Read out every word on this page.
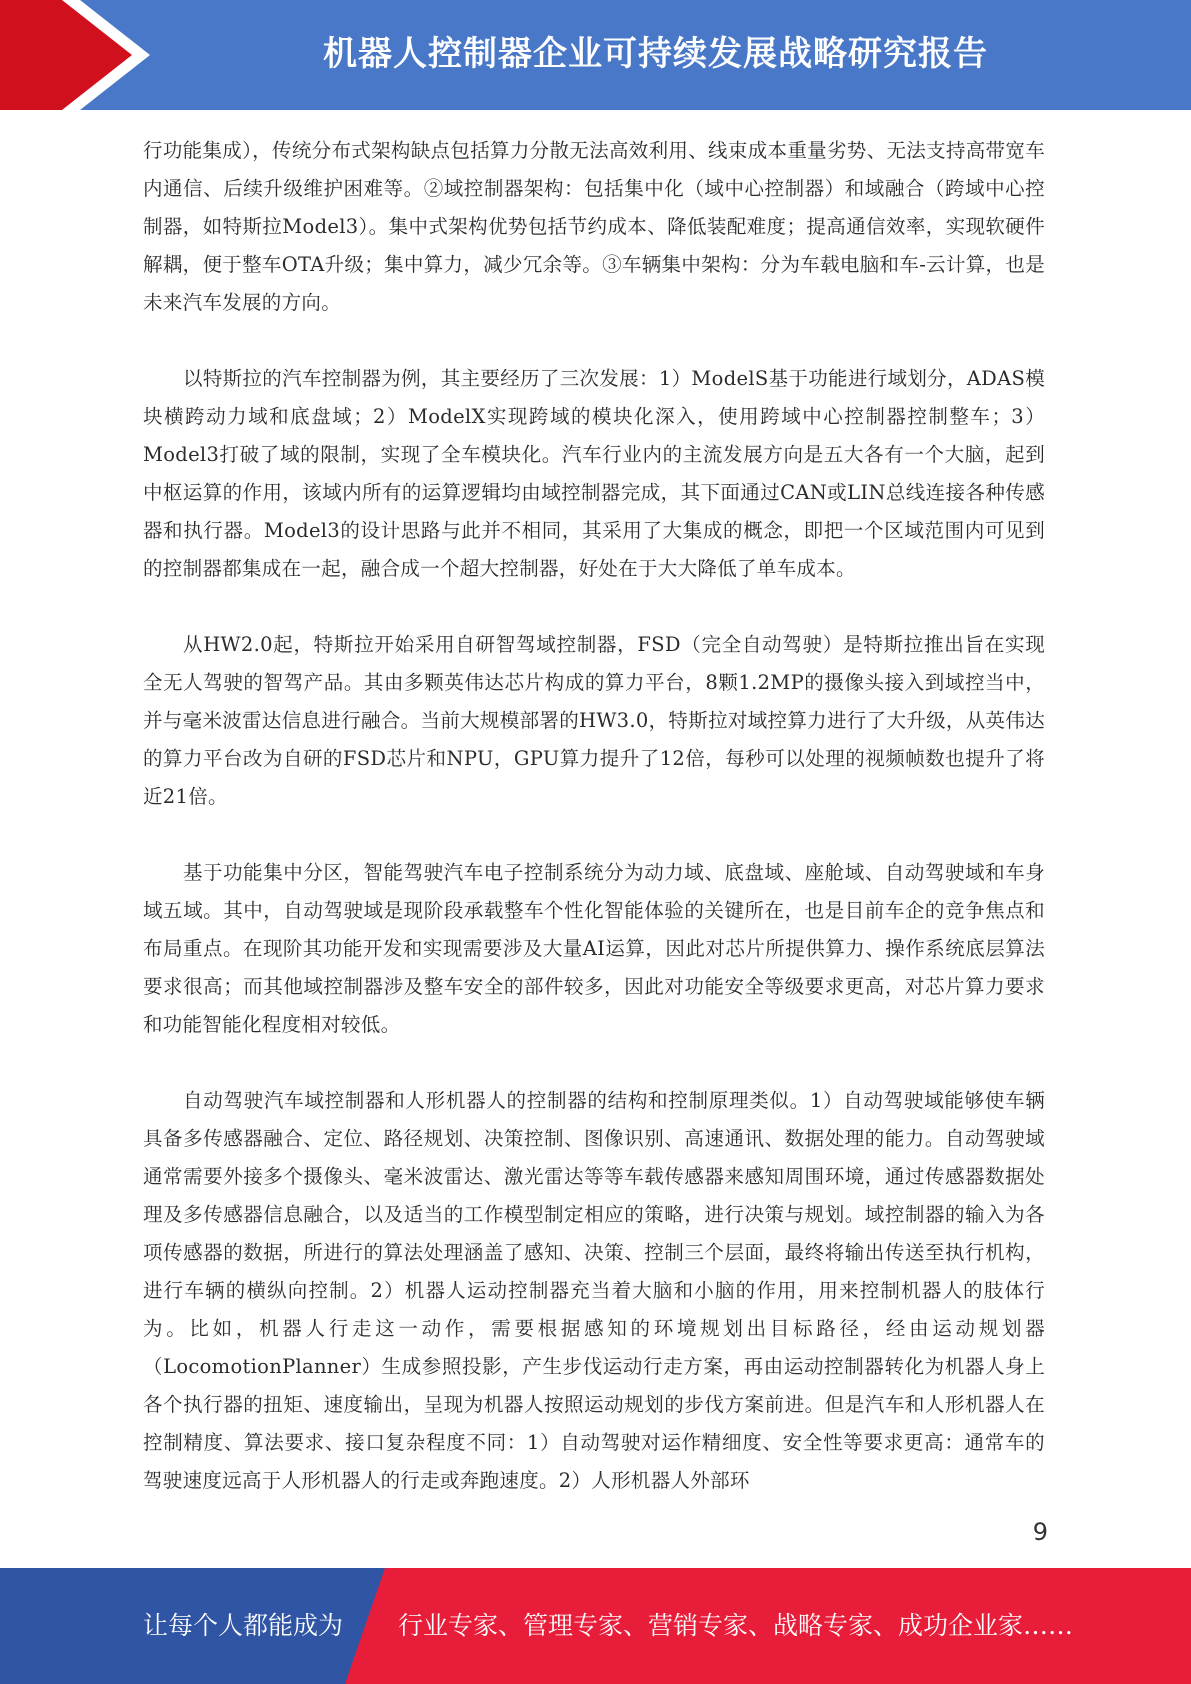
机器人控制器企业可持续发展战略研究报告

行功能集成），传统分布式架构缺点包括算力分散无法高效利用、线束成本重量劣势、无法支持高带宽车内通信、后续升级维护困难等。②域控制器架构：包括集中化（域中心控制器）和域融合（跨域中心控制器，如特斯拉Model3）。集中式架构优势包括节约成本、降低装配难度；提高通信效率，实现软硬件解耦，便于整车OTA升级；集中算力，减少冗余等。③车辆集中架构：分为车载电脑和车-云计算，也是未来汽车发展的方向。

以特斯拉的汽车控制器为例，其主要经历了三次发展：1）ModelS基于功能进行域划分，ADAS模块横跨动力域和底盘域；2）ModelX实现跨域的模块化深入，使用跨域中心控制器控制整车；3）Model3打破了域的限制，实现了全车模块化。汽车行业内的主流发展方向是五大各有一个大脑，起到中枢运算的作用，该域内所有的运算逻辑均由域控制器完成，其下面通过CAN或LIN总线连接各种传感器和执行器。Model3的设计思路与此并不相同，其采用了大集成的概念，即把一个区域范围内可见到的控制器都集成在一起，融合成一个超大控制器，好处在于大大降低了单车成本。

从HW2.0起，特斯拉开始采用自研智驾域控制器，FSD（完全自动驾驶）是特斯拉推出旨在实现全无人驾驶的智驾产品。其由多颗英伟达芯片构成的算力平台，8颗1.2MP的摄像头接入到域控当中，并与毫米波雷达信息进行融合。当前大规模部署的HW3.0，特斯拉对域控算力进行了大升级，从英伟达的算力平台改为自研的FSD芯片和NPU，GPU算力提升了12倍，每秒可以处理的视频帧数也提升了将近21倍。

基于功能集中分区，智能驾驶汽车电子控制系统分为动力域、底盘域、座舱域、自动驾驶域和车身域五域。其中，自动驾驶域是现阶段承载整车个性化智能体验的关键所在，也是目前车企的竞争焦点和布局重点。在现阶其功能开发和实现需要涉及大量AI运算，因此对芯片所提供算力、操作系统底层算法要求很高；而其他域控制器涉及整车安全的部件较多，因此对功能安全等级要求更高，对芯片算力要求和功能智能化程度相对较低。

自动驾驶汽车域控制器和人形机器人的控制器的结构和控制原理类似。1）自动驾驶域能够使车辆具备多传感器融合、定位、路径规划、决策控制、图像识别、高速通讯、数据处理的能力。自动驾驶域通常需要外接多个摄像头、毫米波雷达、激光雷达等等车载传感器来感知周围环境，通过传感器数据处理及多传感器信息融合，以及适当的工作模型制定相应的策略，进行决策与规划。域控制器的输入为各项传感器的数据，所进行的算法处理涵盖了感知、决策、控制三个层面，最终将输出传送至执行机构，进行车辆的横纵向控制。2）机器人运动控制器充当着大脑和小脑的作用，用来控制机器人的肢体行为。比如，机器人行走这一动作，需要根据感知的环境规划出目标路径，经由运动规划器（LocomotionPlanner）生成参照投影，产生步伐运动行走方案，再由运动控制器转化为机器人身上各个执行器的扭矩、速度输出，呈现为机器人按照运动规划的步伐方案前进。但是汽车和人形机器人在控制精度、算法要求、接口复杂程度不同：1）自动驾驶对运作精细度、安全性等要求更高：通常车的驾驶速度远高于人形机器人的行走或奔跑速度。2）人形机器人外部环

9
让每个人都能成为 行业专家、管理专家、营销专家、战略专家、成功企业家……
